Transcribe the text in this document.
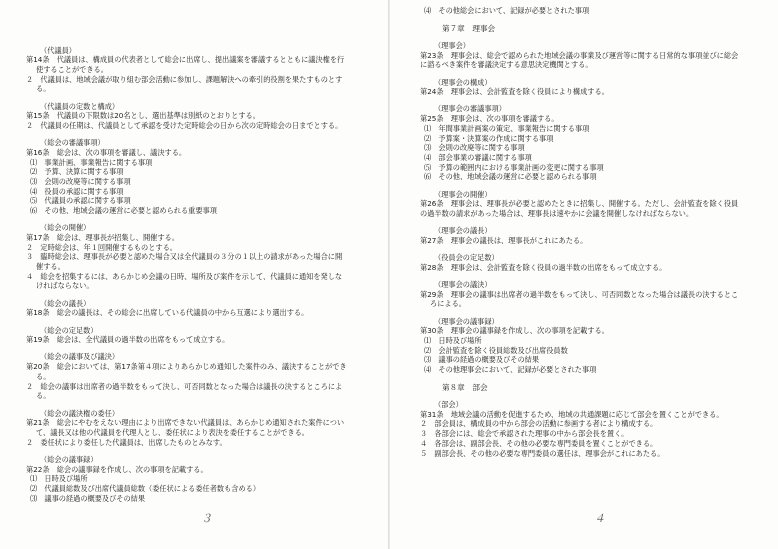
（代議員）
第14条　代議員は、構成員の代表者として総会に出席し、提出議案を審議するとともに議決権を行
使することができる。
２　代議員は、地域会議が取り組む部会活動に参加し、課題解決への牽引的役割を果たすものとす
る。
（代議員の定数と構成）
第15条　代議員の下限数は20名とし、選出基準は別紙のとおりとする。
２　代議員の任期は、代議員として承認を受けた定時総会の日から次の定時総会の日までとする。
（総会の審議事項）
第16条　総会は、次の事項を審議し、議決する。
⑴　事業計画、事業報告に関する事項
⑵　予算、決算に関する事項
⑶　会則の改廃等に関する事項
⑷　役員の承認に関する事項
⑸　代議員の承認に関する事項
⑹　その他、地域会議の運営に必要と認められる重要事項
（総会の開催）
第17条　総会は、理事長が招集し、開催する。
２　定時総会は、年１回開催するものとする。
３　臨時総会は、理事長が必要と認めた場合又は全代議員の３分の１以上の請求があった場合に開
催する。
４　総会を招集するには、あらかじめ会議の日時、場所及び案件を示して、代議員に通知を発しな
ければならない。
（総会の議長）
第18条　総会の議長は、その総会に出席している代議員の中から互選により選出する。
（総会の定足数）
第19条　総会は、全代議員の過半数の出席をもって成立する。
（総会の議事及び議決）
第20条　総会においては、第17条第４項によりあらかじめ通知した案件のみ、議決することができ
る。
２　総会の議事は出席者の過半数をもって決し、可否同数となった場合は議長の決するところによ
る。
（総会の議決権の委任）
第21条　総会にやむをえない理由により出席できない代議員は、あらかじめ通知された案件につい
て、議長又は他の代議員を代理人とし、委任状により表決を委任することができる。
２　委任状により委任した代議員は、出席したものとみなす。
（総会の議事録）
第22条　総会の議事録を作成し、次の事項を記載する。
⑴　日時及び場所
⑵　代議員総数及び出席代議員総数（委任状による委任者数も含める）
⑶　議事の経過の概要及びその結果
⑷　その他総会において、記録が必要とされた事項
第７章　理事会
（理事会）
第23条　理事会は、総会で認められた地域会議の事業及び運営等に関する日常的な事項並びに総会
に諮るべき案件を審議決定する意思決定機関とする。
（理事会の構成）
第24条　理事会は、会計監査を除く役員により構成する。
（理事会の審議事項）
第25条　理事会は、次の事項を審議する。
⑴　年間事業計画案の策定、事業報告に関する事項
⑵　予算案・決算案の作成に関する事項
⑶　会則の改廃等に関する事項
⑷　部会事業の審議に関する事項
⑸　予算の範囲内における事業計画の変更に関する事項
⑹　その他、地域会議の運営に必要と認められる事項
（理事会の開催）
第26条　理事会は、理事長が必要と認めたときに招集し、開催する。ただし、会計監査を除く役員
の過半数の請求があった場合は、理事長は速やかに会議を開催しなければならない。
（理事会の議長）
第27条　理事会の議長は、理事長がこれにあたる。
（役員会の定足数）
第28条　理事会は、会計監査を除く役員の過半数の出席をもって成立する。
（理事会の議決）
第29条　理事会の議事は出席者の過半数をもって決し、可否同数となった場合は議長の決するとこ
ろによる。
（理事会の議事録）
第30条　理事会の議事録を作成し、次の事項を記載する。
⑴　日時及び場所
⑵　会計監査を除く役員総数及び出席役員数
⑶　議事の経過の概要及びその結果
⑷　その他理事会において、記録が必要とされた事項
第８章　部会
（部会）
第31条　地域会議の活動を促進するため、地域の共通課題に応じて部会を置くことができる。
２　部会員は、構成員の中から部会の活動に参画する者により構成する。
３　各部会には、総会で承認された理事の中から部会長を置く。
４　各部会は、副部会長、その他の必要な専門委員を置くことができる。
５　副部会長、その他の必要な専門委員の選任は、理事会がこれにあたる。
３	４
